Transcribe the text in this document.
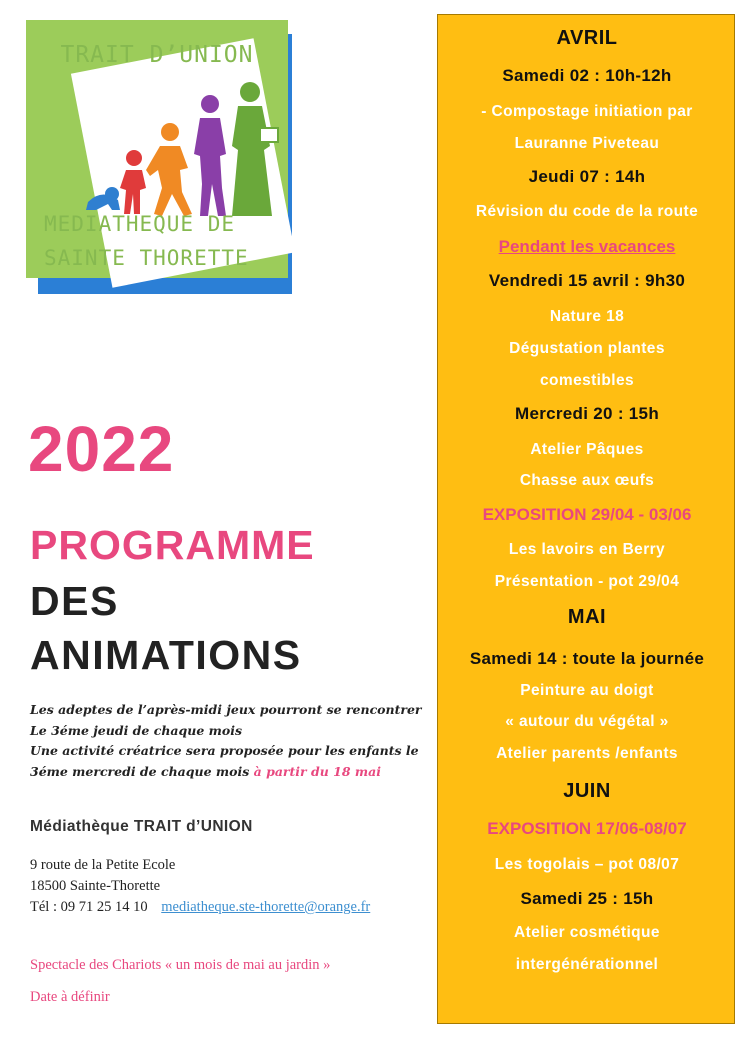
TRAIT D’UNION
MEDIATHEQUE DE
SAINTE THORETTE
2022
PROGRAMME
DES
ANIMATIONS
Les adeptes de l’après-midi jeux pourront se rencontrer
Le 3éme jeudi de chaque mois
Une activité créatrice sera proposée pour les enfants le
3éme mercredi de chaque mois à partir du 18 mai
Médiathèque TRAIT d’UNION
9 route de la Petite Ecole
18500 Sainte-Thorette
Tél : 09 71 25 14 10 mediatheque.ste-thorette@orange.fr
Spectacle des Chariots « un mois de mai au jardin »
Date à définir
AVRIL
Samedi 02 : 10h-12h
- Compostage initiation par
Lauranne Piveteau
Jeudi 07 : 14h
Révision du code de la route
Pendant les vacances
Vendredi 15 avril : 9h30
Nature 18
Dégustation plantes
comestibles
Mercredi 20 : 15h
Atelier Pâques
Chasse aux œufs
EXPOSITION 29/04 - 03/06
Les lavoirs en Berry
Présentation - pot 29/04
MAI
Samedi 14 : toute la journée
Peinture au doigt
« autour du végétal »
Atelier parents /enfants
JUIN
EXPOSITION 17/06-08/07
Les togolais – pot 08/07
Samedi 25 : 15h
Atelier cosmétique
intergénérationnel
